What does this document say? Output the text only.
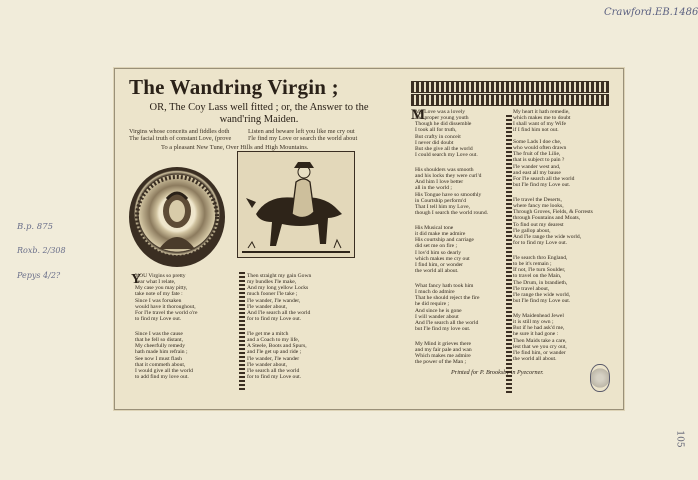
Crawford.EB.1486
B.p. 875
Roxb. 2/308
Pepys 4/2?
105
The Wandring Virgin ;
OR, The Coy Lass well fitted ; or, the Answer to the wand'ring Maiden.
Virgins whose conceits and fiddles doth
The facial truth of constant Love, (prove
Listen and beware left you like me cry out
I'le find my Love or search the world about
To a pleasant New Tune, Over Hills and High Mountains.
Y
YOU Virgins so pretty
bear what I relate,
My case you may pitty,
take note of my fate :
Since I was forsaken
would have it thoroughout,
For I'le travel the world o're
to find my Love out.
Since I was the cause
that he fell so distant,
My cheerfully remedy
hath made him refrain ;
See now I must flash
that it commeth about,
I would give all the world
to add find my love out.
Then straight my gain Gown
my bundles I'le make,
And my long yellow Locks
much fooner I'le take ;
I'le wander, I'le wander,
I'le wander about,
And I'le search all the world
for to find my Love out.
I'le get me a mitch
and a Coach to my life,
A Steele, Boots and Spurs,
and I'le get up and ride ;
I'le wander, I'le wander
I'le wander about,
I'le search all the world
for to find my Love out.
M
My Love was a lovely
and proper young youth
Though he did dissemble
I took all for truth,
But crafty in conceit
I never did doubt
But she give all the world
I could search my Love out.
His shoulders was smooth
and his locks they were curl'd
And him I love better
all in the world ;
His Tongue have so smoothly
in Courtship perform'd
That I tell him my Love,
though I search the world round.
His Musical tone
it did make me admire
His courtship and carriage
did set me on fire ;
I lov'd him so dearly
which makes me cry out
I find him, or wonder
the world all about.
What fancy hath took him
I much do admire
That he should reject the fire
he did require ;
And since he is gone
I will wander about
And I'le search all the world
but I'le find my love out.
My Mind it grieves there
and my fair pale and wan
Which makes me admire
the power of the Man ;
My heart it hath remedie,
which makes me to doubt
I shall want of my Wife
if I find him not out.
Some Lads I doe che,
who would often drawn
The fruit of the Lilie,
that is subject to pain ?
I'le wander west and,
and east all my bause
For I'le search all the world
but I'le find my Love out.
I'le travel the Deserts,
where fancy me looks,
Through Groves, Fields, & Forrests
through Fountains and Moats,
To find out my dearest
I'le gallop about,
And I'le range the wide world,
for to find my Love out.
I'le search thro England,
to be it's remain ;
If not, I'le turn Soulder,
to travel on the Main,
The Drum, in brandieth,
I'le travel about,
I'le range the wide world,
but I'le find my Love out.
My Maidenhead Jewel
it is still my own ;
But if he had ask'd me,
he sure it had gone :
Then Maids take a care,
lest that we you cry out,
I'le find him, or wander
the world all about.
Printed for P. Brooksby in Pyecorner.
